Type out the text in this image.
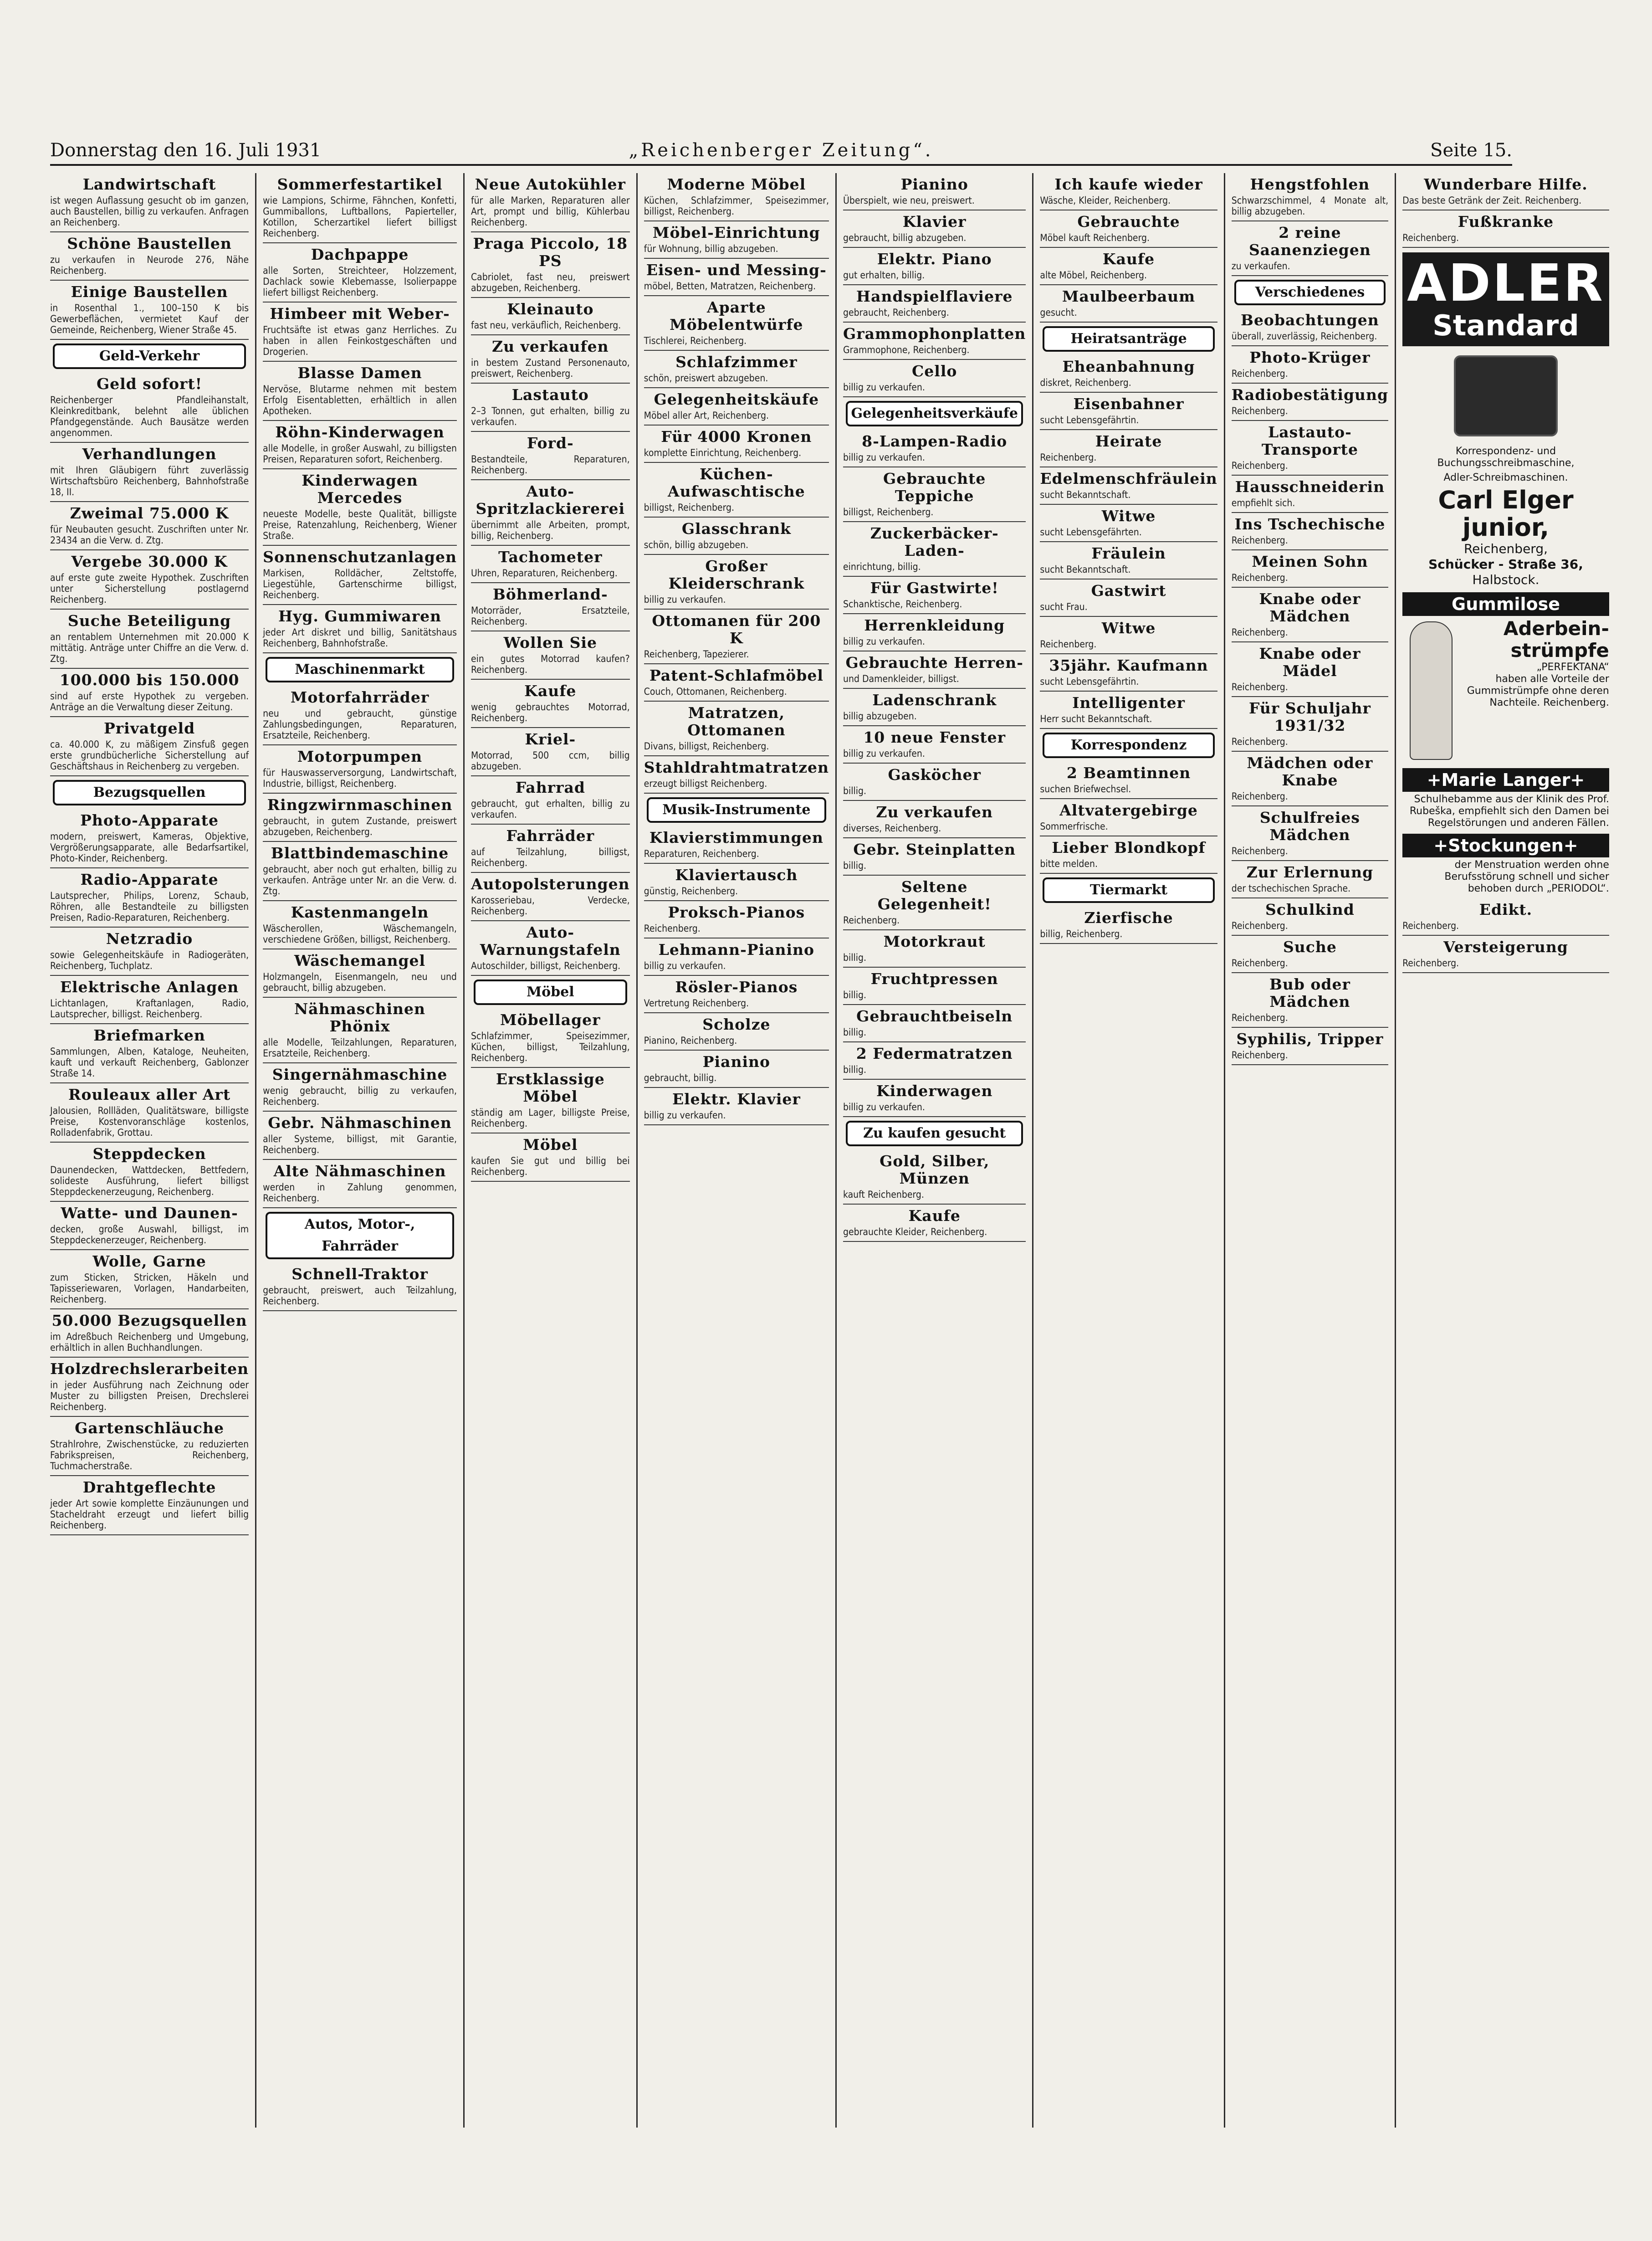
Donnerstag den 16. Juli 1931	„Reichenberger Zeitung“.	Seite 15.
Landwirtschaft

ist wegen Auflassung gesucht ob im ganzen, auch Baustellen, billig zu verkaufen. Anfragen an Reichenberg.

Schöne Baustellen

zu verkaufen in Neurode 276, Nähe Reichenberg.

Einige Baustellen

in Rosenthal 1., 100–150 K bis Gewerbeflächen, vermietet Kauf der Gemeinde, Reichenberg, Wiener Straße 45.

Geld-Verkehr
Geld sofort!

Reichenberger Pfandleihanstalt, Kleinkreditbank, belehnt alle üblichen Pfandgegenstände. Auch Bausätze werden angenommen.

Verhandlungen

mit Ihren Gläubigern führt zuverlässig Wirtschaftsbüro Reichenberg, Bahnhofstraße 18, II.

Zweimal 75.000 K

für Neubauten gesucht. Zuschriften unter Nr. 23434 an die Verw. d. Ztg.

Vergebe 30.000 K

auf erste gute zweite Hypothek. Zuschriften unter Sicherstellung postlagernd Reichenberg.

Suche Beteiligung

an rentablem Unternehmen mit 20.000 K mittätig. Anträge unter Chiffre an die Verw. d. Ztg.

100.000 bis 150.000

sind auf erste Hypothek zu vergeben. Anträge an die Verwaltung dieser Zeitung.

Privatgeld

ca. 40.000 K, zu mäßigem Zinsfuß gegen erste grundbücherliche Sicherstellung auf Geschäftshaus in Reichenberg zu vergeben.

Bezugsquellen
Photo-Apparate

modern, preiswert, Kameras, Objektive, Vergrößerungsapparate, alle Bedarfsartikel, Photo-Kinder, Reichenberg.

Radio-Apparate

Lautsprecher, Philips, Lorenz, Schaub, Röhren, alle Bestandteile zu billigsten Preisen, Radio-Reparaturen, Reichenberg.

Netzradio

sowie Gelegenheitskäufe in Radiogeräten, Reichenberg, Tuchplatz.

Elektrische Anlagen

Lichtanlagen, Kraftanlagen, Radio, Lautsprecher, billigst. Reichenberg.

Briefmarken

Sammlungen, Alben, Kataloge, Neuheiten, kauft und verkauft Reichenberg, Gablonzer Straße 14.

Rouleaux aller Art

Jalousien, Rollläden, Qualitätsware, billigste Preise, Kostenvoranschläge kostenlos, Rolladenfabrik, Grottau.

Steppdecken

Daunendecken, Wattdecken, Bettfedern, solideste Ausführung, liefert billigst Steppdeckenerzeugung, Reichenberg.

Watte- und Daunen-

decken, große Auswahl, billigst, im Steppdeckenerzeuger, Reichenberg.

Wolle, Garne

zum Sticken, Stricken, Häkeln und Tapisseriewaren, Vorlagen, Handarbeiten, Reichenberg.

50.000 Bezugsquellen

im Adreßbuch Reichenberg und Umgebung, erhältlich in allen Buchhandlungen.

Holzdrechslerarbeiten

in jeder Ausführung nach Zeichnung oder Muster zu billigsten Preisen, Drechslerei Reichenberg.

Gartenschläuche

Strahlrohre, Zwischenstücke, zu reduzierten Fabrikspreisen, Reichenberg, Tuchmacherstraße.

Drahtgeflechte

jeder Art sowie komplette Einzäunungen und Stacheldraht erzeugt und liefert billig Reichenberg.

Sommerfestartikel

wie Lampions, Schirme, Fähnchen, Konfetti, Gummiballons, Luftballons, Papierteller, Kotillon, Scherzartikel liefert billigst Reichenberg.

Dachpappe

alle Sorten, Streichteer, Holzzement, Dachlack sowie Klebemasse, Isolierpappe liefert billigst Reichenberg.

Himbeer mit Weber-

Fruchtsäfte ist etwas ganz Herrliches. Zu haben in allen Feinkostgeschäften und Drogerien.

Blasse Damen

Nervöse, Blutarme nehmen mit bestem Erfolg Eisentabletten, erhältlich in allen Apotheken.

Röhn-Kinderwagen

alle Modelle, in großer Auswahl, zu billigsten Preisen, Reparaturen sofort, Reichenberg.

Kinderwagen Mercedes

neueste Modelle, beste Qualität, billigste Preise, Ratenzahlung, Reichenberg, Wiener Straße.

Sonnenschutzanlagen

Markisen, Rolldächer, Zeltstoffe, Liegestühle, Gartenschirme billigst, Reichenberg.

Hyg. Gummiwaren

jeder Art diskret und billig, Sanitätshaus Reichenberg, Bahnhofstraße.

Maschinenmarkt
Motorfahrräder

neu und gebraucht, günstige Zahlungsbedingungen, Reparaturen, Ersatzteile, Reichenberg.

Motorpumpen

für Hauswasserversorgung, Landwirtschaft, Industrie, billigst, Reichenberg.

Ringzwirnmaschinen

gebraucht, in gutem Zustande, preiswert abzugeben, Reichenberg.

Blattbindemaschine

gebraucht, aber noch gut erhalten, billig zu verkaufen. Anträge unter Nr. an die Verw. d. Ztg.

Kastenmangeln

Wäscherollen, Wäschemangeln, verschiedene Größen, billigst, Reichenberg.

Wäschemangel

Holzmangeln, Eisenmangeln, neu und gebraucht, billig abzugeben.

Nähmaschinen Phönix

alle Modelle, Teilzahlungen, Reparaturen, Ersatzteile, Reichenberg.

Singernähmaschine

wenig gebraucht, billig zu verkaufen, Reichenberg.

Gebr. Nähmaschinen

aller Systeme, billigst, mit Garantie, Reichenberg.

Alte Nähmaschinen

werden in Zahlung genommen, Reichenberg.

Autos, Motor-, Fahrräder
Schnell-Traktor

gebraucht, preiswert, auch Teilzahlung, Reichenberg.

Neue Autokühler

für alle Marken, Reparaturen aller Art, prompt und billig, Kühlerbau Reichenberg.

Praga Piccolo, 18 PS

Cabriolet, fast neu, preiswert abzugeben, Reichenberg.

Kleinauto

fast neu, verkäuflich, Reichenberg.

Zu verkaufen

in bestem Zustand Personenauto, preiswert, Reichenberg.

Lastauto

2–3 Tonnen, gut erhalten, billig zu verkaufen.

Ford-

Bestandteile, Reparaturen, Reichenberg.

Auto-Spritzlackiererei

übernimmt alle Arbeiten, prompt, billig, Reichenberg.

Tachometer

Uhren, Reparaturen, Reichenberg.

Böhmerland-

Motorräder, Ersatzteile, Reichenberg.

Wollen Sie

ein gutes Motorrad kaufen? Reichenberg.

Kaufe

wenig gebrauchtes Motorrad, Reichenberg.

Kriel-

Motorrad, 500 ccm, billig abzugeben.

Fahrrad

gebraucht, gut erhalten, billig zu verkaufen.

Fahrräder

auf Teilzahlung, billigst, Reichenberg.

Autopolsterungen

Karosseriebau, Verdecke, Reichenberg.

Auto-Warnungstafeln

Autoschilder, billigst, Reichenberg.

Möbel
Möbellager

Schlafzimmer, Speisezimmer, Küchen, billigst, Teilzahlung, Reichenberg.

Erstklassige Möbel

ständig am Lager, billigste Preise, Reichenberg.

Möbel

kaufen Sie gut und billig bei Reichenberg.

Moderne Möbel

Küchen, Schlafzimmer, Speisezimmer, billigst, Reichenberg.

Möbel-Einrichtung

für Wohnung, billig abzugeben.

Eisen- und Messing-

möbel, Betten, Matratzen, Reichenberg.

Aparte Möbelentwürfe

Tischlerei, Reichenberg.

Schlafzimmer

schön, preiswert abzugeben.

Gelegenheitskäufe

Möbel aller Art, Reichenberg.

Für 4000 Kronen

komplette Einrichtung, Reichenberg.

Küchen-Aufwaschtische

billigst, Reichenberg.

Glasschrank

schön, billig abzugeben.

Großer Kleiderschrank

billig zu verkaufen.

Ottomanen für 200 K

Reichenberg, Tapezierer.

Patent-Schlafmöbel

Couch, Ottomanen, Reichenberg.

Matratzen, Ottomanen

Divans, billigst, Reichenberg.

Stahldrahtmatratzen

erzeugt billigst Reichenberg.

Musik-Instrumente
Klavierstimmungen

Reparaturen, Reichenberg.

Klaviertausch

günstig, Reichenberg.

Proksch-Pianos

Reichenberg.

Lehmann-Pianino

billig zu verkaufen.

Rösler-Pianos

Vertretung Reichenberg.

Scholze

Pianino, Reichenberg.

Pianino

gebraucht, billig.

Elektr. Klavier

billig zu verkaufen.

Pianino

Überspielt, wie neu, preiswert.

Klavier

gebraucht, billig abzugeben.

Elektr. Piano

gut erhalten, billig.

Handspielflaviere

gebraucht, Reichenberg.

Grammophonplatten

Grammophone, Reichenberg.

Cello

billig zu verkaufen.

Gelegenheitsverkäufe
8-Lampen-Radio

billig zu verkaufen.

Gebrauchte Teppiche

billigst, Reichenberg.

Zuckerbäcker-Laden-

einrichtung, billig.

Für Gastwirte!

Schanktische, Reichenberg.

Herrenkleidung

billig zu verkaufen.

Gebrauchte Herren-

und Damenkleider, billigst.

Ladenschrank

billig abzugeben.

10 neue Fenster

billig zu verkaufen.

Gasköcher

billig.

Zu verkaufen

diverses, Reichenberg.

Gebr. Steinplatten

billig.

Seltene Gelegenheit!

Reichenberg.

Motorkraut

billig.

Fruchtpressen

billig.

Gebrauchtbeiseln

billig.

2 Federmatratzen

billig.

Kinderwagen

billig zu verkaufen.

Zu kaufen gesucht
Gold, Silber, Münzen

kauft Reichenberg.

Kaufe

gebrauchte Kleider, Reichenberg.

Ich kaufe wieder

Wäsche, Kleider, Reichenberg.

Gebrauchte

Möbel kauft Reichenberg.

Kaufe

alte Möbel, Reichenberg.

Maulbeerbaum

gesucht.

Heiratsanträge
Eheanbahnung

diskret, Reichenberg.

Eisenbahner

sucht Lebensgefährtin.

Heirate

Reichenberg.

Edelmenschfräulein

sucht Bekanntschaft.

Witwe

sucht Lebensgefährten.

Fräulein

sucht Bekanntschaft.

Gastwirt

sucht Frau.

Witwe

Reichenberg.

35jähr. Kaufmann

sucht Lebensgefährtin.

Intelligenter

Herr sucht Bekanntschaft.

Korrespondenz
2 Beamtinnen

suchen Briefwechsel.

Altvatergebirge

Sommerfrische.

Lieber Blondkopf

bitte melden.

Tiermarkt
Zierfische

billig, Reichenberg.

Hengstfohlen

Schwarzschimmel, 4 Monate alt, billig abzugeben.

2 reine Saanenziegen

zu verkaufen.

Verschiedenes
Beobachtungen

überall, zuverlässig, Reichenberg.

Photo-Krüger

Reichenberg.

Radiobestätigung

Reichenberg.

Lastauto-Transporte

Reichenberg.

Hausschneiderin

empfiehlt sich.

Ins Tschechische

Reichenberg.

Meinen Sohn

Reichenberg.

Knabe oder Mädchen

Reichenberg.

Knabe oder Mädel

Reichenberg.

Für Schuljahr 1931/32

Reichenberg.

Mädchen oder Knabe

Reichenberg.

Schulfreies Mädchen

Reichenberg.

Zur Erlernung

der tschechischen Sprache.

Schulkind

Reichenberg.

Suche

Reichenberg.

Bub oder Mädchen

Reichenberg.

Syphilis, Tripper

Reichenberg.

Wunderbare Hilfe.

Das beste Getränk der Zeit. Reichenberg.

Fußkranke

Reichenberg.

ADLER
Standard
Korrespondenz- und Buchungsschreibmaschine,
Adler-Schreibmaschinen.
Carl Elger junior,
Reichenberg,
Schücker - Straße 36,
Halbstock.
Gummilose
Aderbein-strümpfe
„PERFEKTANA“
haben alle Vorteile der Gummistrümpfe ohne deren Nachteile. Reichenberg.
+Marie Langer+
Schulhebamme aus der Klinik des Prof. Rubeška, empfiehlt sich den Damen bei Regelstörungen und anderen Fällen.
+Stockungen+
der Menstruation werden ohne Berufsstörung schnell und sicher behoben durch „PERIODOL“.
Edikt.

Reichenberg.

Versteigerung

Reichenberg.
